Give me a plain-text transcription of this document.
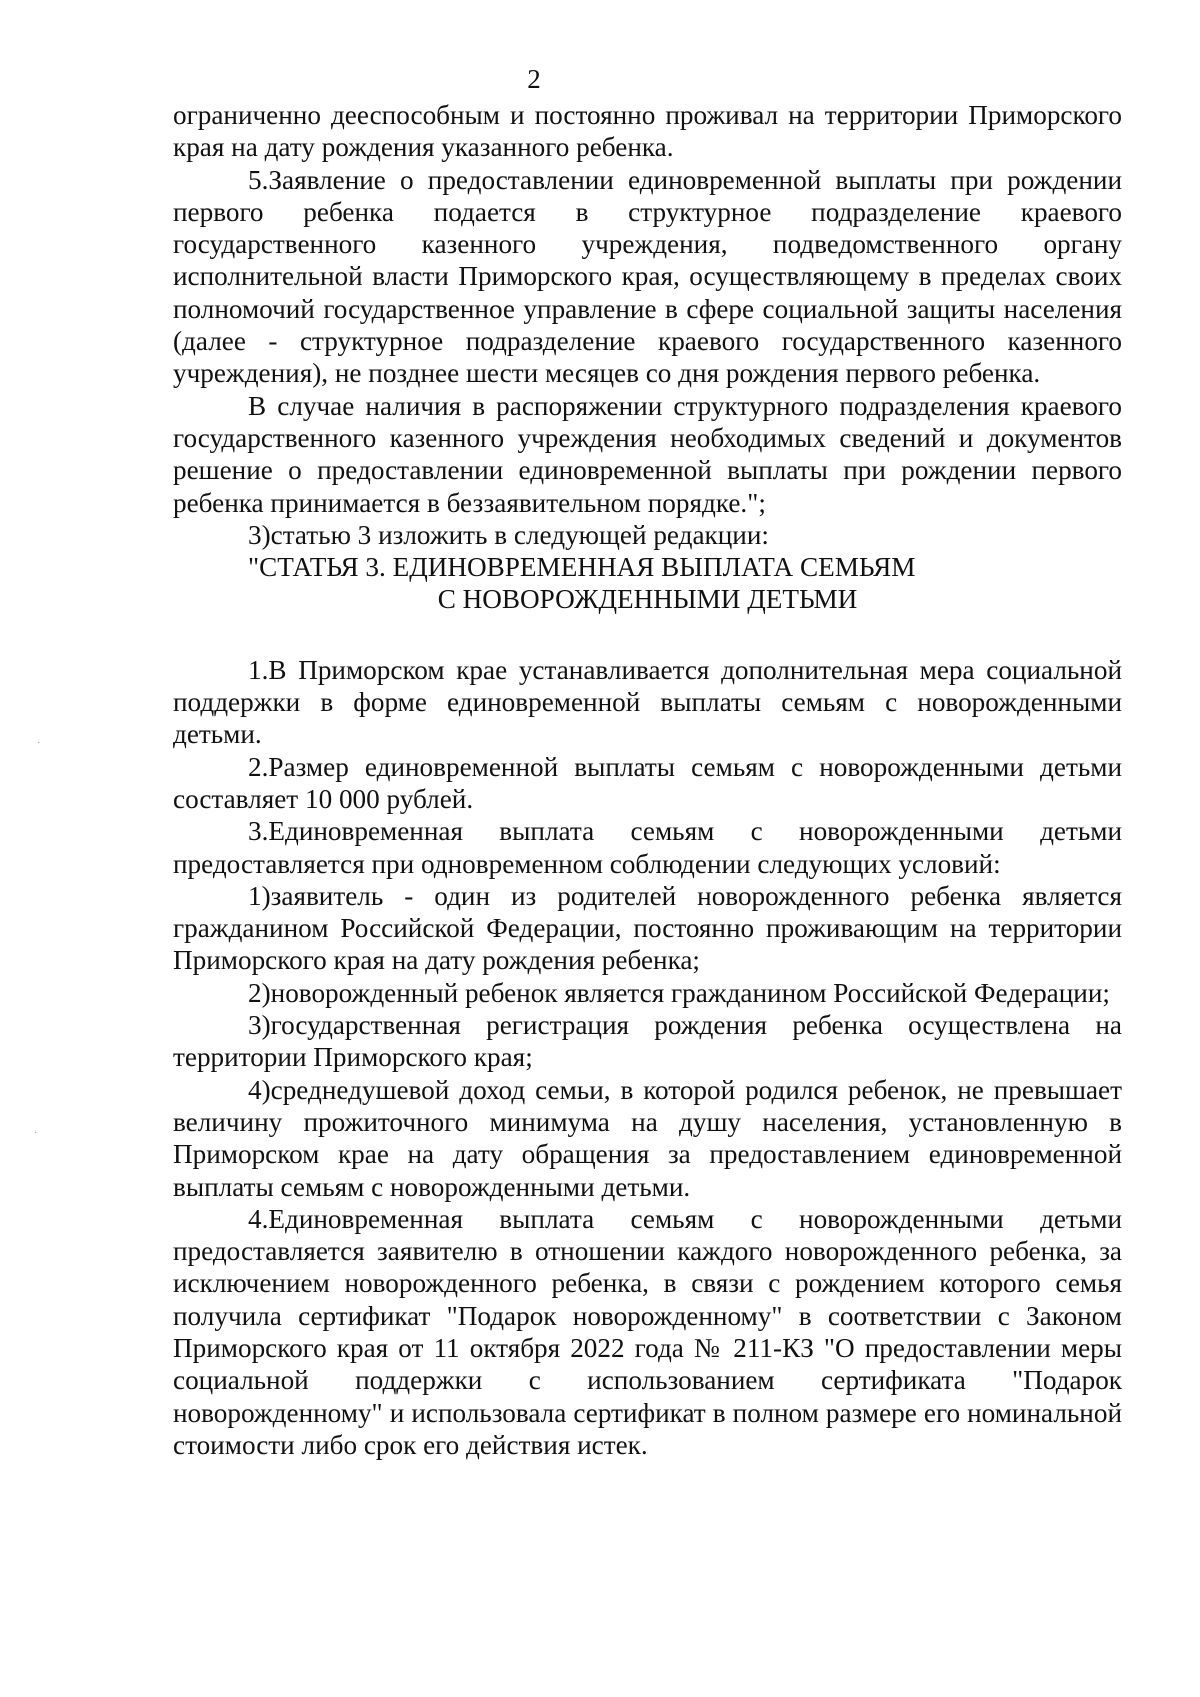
2

ограниченно дееспособным и постоянно проживал на территории Приморского края на дату рождения указанного ребенка.

5.Заявление о предоставлении единовременной выплаты при рождении первого ребенка подается в структурное подразделение краевого государственного казенного учреждения, подведомственного органу исполнительной власти Приморского края, осуществляющему в пределах своих полномочий государственное управление в сфере социальной защиты населения (далее - структурное подразделение краевого государственного казенного учреждения), не позднее шести месяцев со дня рождения первого ребенка.

В случае наличия в распоряжении структурного подразделения краевого государственного казенного учреждения необходимых сведений и документов решение о предоставлении единовременной выплаты при рождении первого ребенка принимается в беззаявительном порядке.";

3)статью 3 изложить в следующей редакции:

"СТАТЬЯ 3. ЕДИНОВРЕМЕННАЯ ВЫПЛАТА СЕМЬЯМ

С НОВОРОЖДЕННЫМИ ДЕТЬМИ

1.В Приморском крае устанавливается дополнительная мера социальной поддержки в форме единовременной выплаты семьям с новорожденными детьми.

2.Размер единовременной выплаты семьям с новорожденными детьми составляет 10 000 рублей.

3.Единовременная выплата семьям с новорожденными детьми предоставляется при одновременном соблюдении следующих условий:

1)заявитель - один из родителей новорожденного ребенка является гражданином Российской Федерации, постоянно проживающим на территории Приморского края на дату рождения ребенка;

2)новорожденный ребенок является гражданином Российской Федерации;

3)государственная регистрация рождения ребенка осуществлена на территории Приморского края;

4)среднедушевой доход семьи, в которой родился ребенок, не превышает величину прожиточного минимума на душу населения, установленную в Приморском крае на дату обращения за предоставлением единовременной выплаты семьям с новорожденными детьми.

4.Единовременная выплата семьям с новорожденными детьми предоставляется заявителю в отношении каждого новорожденного ребенка, за исключением новорожденного ребенка, в связи с рождением которого семья получила сертификат "Подарок новорожденному" в соответствии с Законом Приморского края от 11 октября 2022 года № 211-КЗ "О предоставлении меры социальной поддержки с использованием сертификата "Подарок новорожденному" и использовала сертификат в полном размере его номинальной стоимости либо срок его действия истек.

·
·
